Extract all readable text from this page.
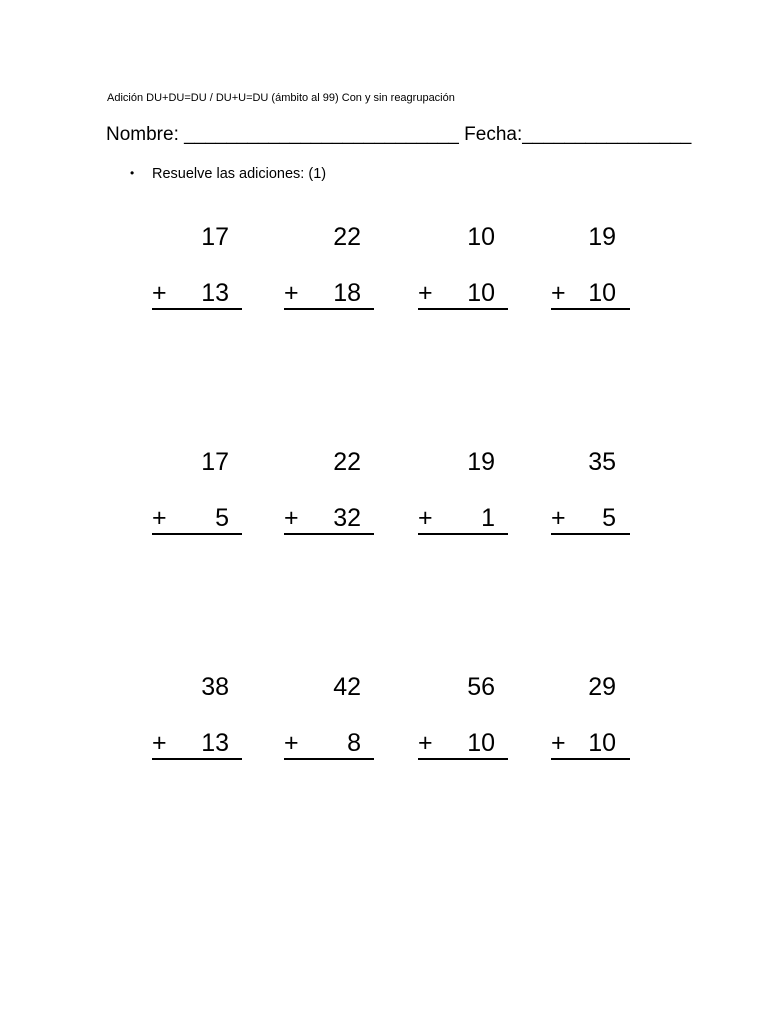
Adición DU+DU=DU / DU+U=DU (ámbito al 99) Con y sin reagrupación
Nombre: __________________________ Fecha:________________
• Resuelve las adiciones: (1)
17
+ 13
22
+ 18
10
+ 10
19
+ 10
17
+ 5
22
+ 32
19
+ 1
35
+ 5
38
+ 13
42
+ 8
56
+ 10
29
+ 10
